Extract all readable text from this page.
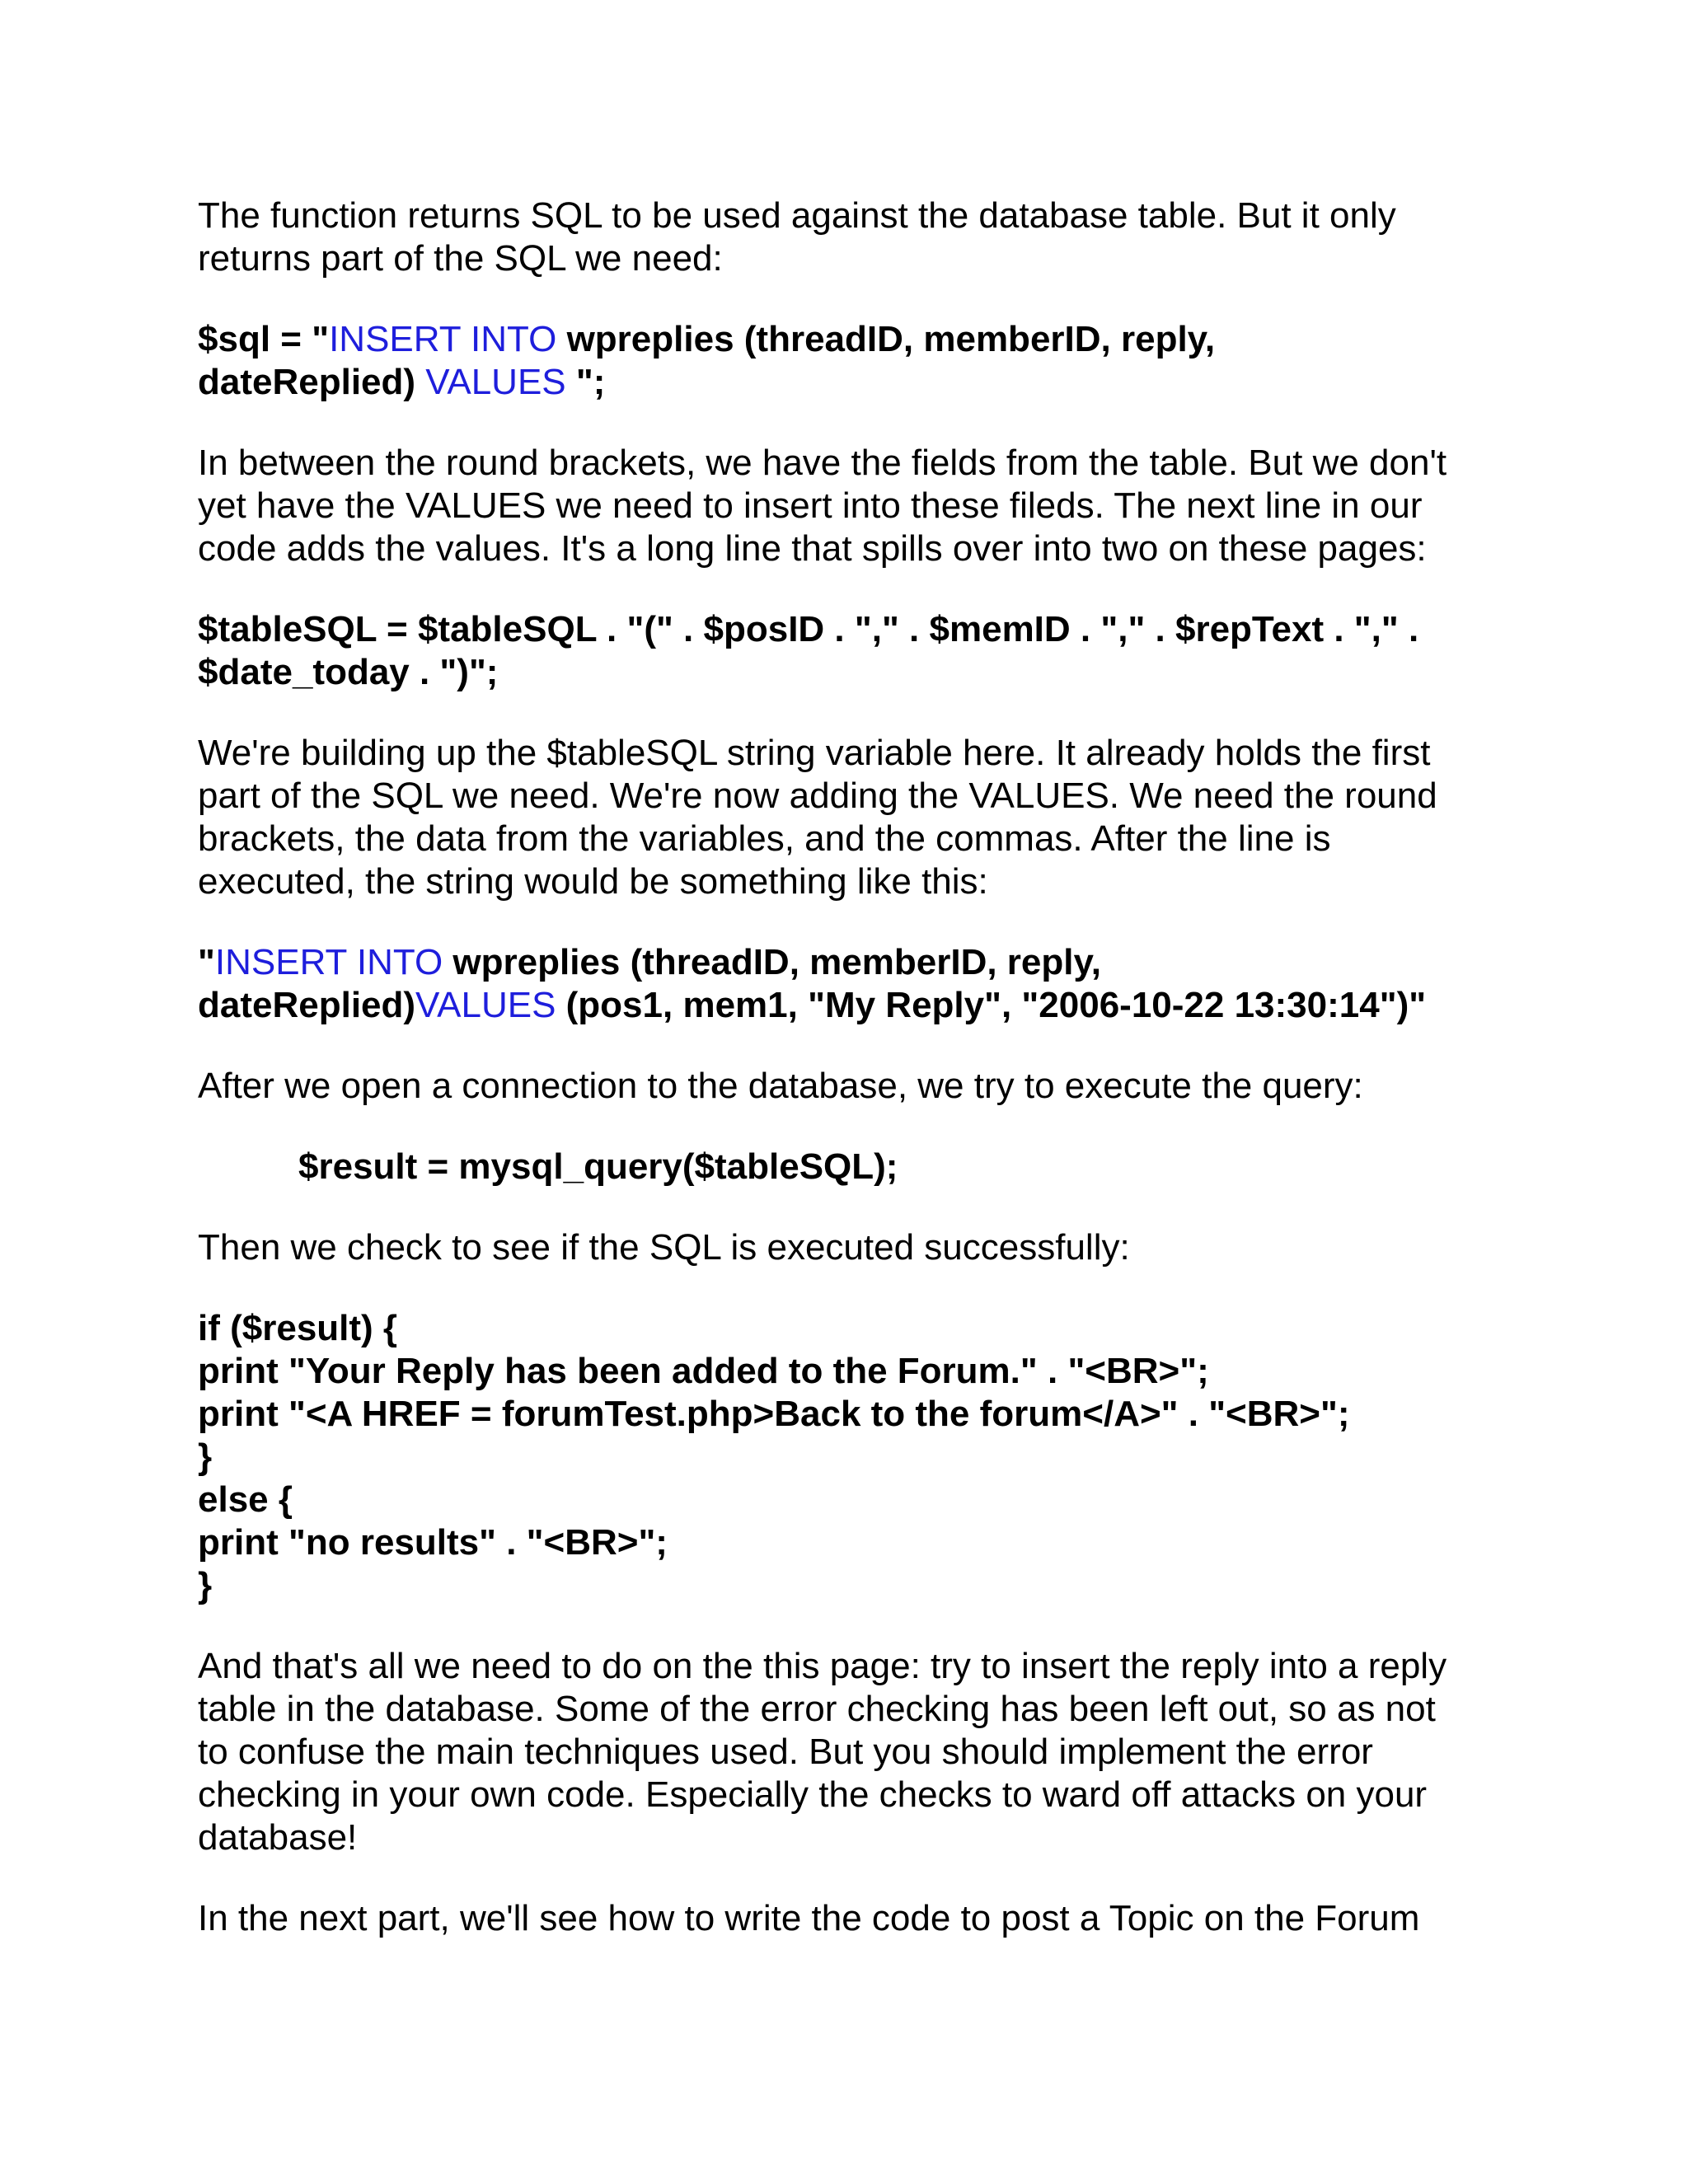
The function returns SQL to be used against the database table. But it only
returns part of the SQL we need:
$sql = "INSERT INTO wpreplies (threadID, memberID, reply,
dateReplied) VALUES ";
In between the round brackets, we have the fields from the table. But we don't
yet have the VALUES we need to insert into these fileds. The next line in our
code adds the values. It's a long line that spills over into two on these pages:
$tableSQL = $tableSQL . "(" . $posID . "," . $memID . "," . $repText . "," .
$date_today . ")";
We're building up the $tableSQL string variable here. It already holds the first
part of the SQL we need. We're now adding the VALUES. We need the round
brackets, the data from the variables, and the commas. After the line is
executed, the string would be something like this:
"INSERT INTO wpreplies (threadID, memberID, reply,
dateReplied)VALUES (pos1, mem1, "My Reply", "2006-10-22 13:30:14")"
After we open a connection to the database, we try to execute the query:
$result = mysql_query($tableSQL);
Then we check to see if the SQL is executed successfully:
if ($result) {
print "Your Reply has been added to the Forum." . "<BR>";
print "<A HREF = forumTest.php>Back to the forum</A>" . "<BR>";
}
else {
print "no results" . "<BR>";
}
And that's all we need to do on the this page: try to insert the reply into a reply
table in the database. Some of the error checking has been left out, so as not
to confuse the main techniques used. But you should implement the error
checking in your own code. Especially the checks to ward off attacks on your
database!
In the next part, we'll see how to write the code to post a Topic on the Forum
